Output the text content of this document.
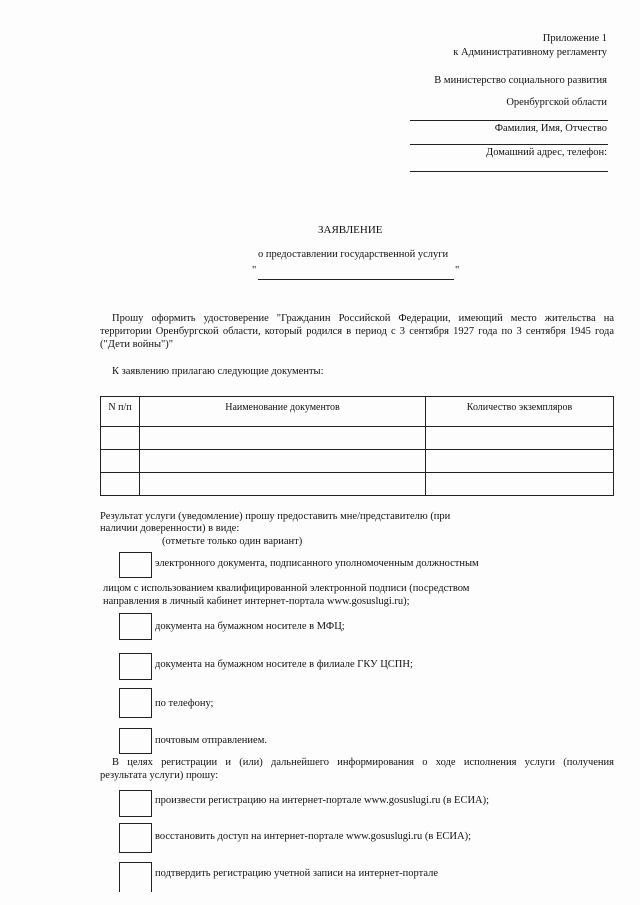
Приложение 1
к Административному регламенту
В министерство социального развития
Оренбургской области
Фамилия, Имя, Отчество
Домашний адрес, телефон:
ЗАЯВЛЕНИЕ
о предоставлении государственной услуги
"	"
Прошу оформить удостоверение "Гражданин Российской Федерации, имеющий место жительства на
территории Оренбургской области, который родился в период с 3 сентября 1927 года по 3 сентября 1945 года
("Дети войны")"
К заявлению прилагаю следующие документы:
N п/п	Наименование документов	Количество экземпляров

Результат услуги (уведомление) прошу предоставить мне/представителю (при
наличии доверенности) в виде:
(отметьте только один вариант)
электронного документа, подписанного уполномоченным должностным
лицом с использованием квалифицированной электронной подписи (посредством
направления в личный кабинет интернет-портала www.gosuslugi.ru);
документа на бумажном носителе в МФЦ;
документа на бумажном носителе в филиале ГКУ ЦСПН;
по телефону;
почтовым отправлением.
В целях регистрации и (или) дальнейшего информирования о ходе исполнения услуги (получения
результата услуги) прошу:
произвести регистрацию на интернет-портале www.gosuslugi.ru (в ЕСИА);
восстановить доступ на интернет-портале www.gosuslugi.ru (в ЕСИА);
подтвердить регистрацию учетной записи на интернет-портале
